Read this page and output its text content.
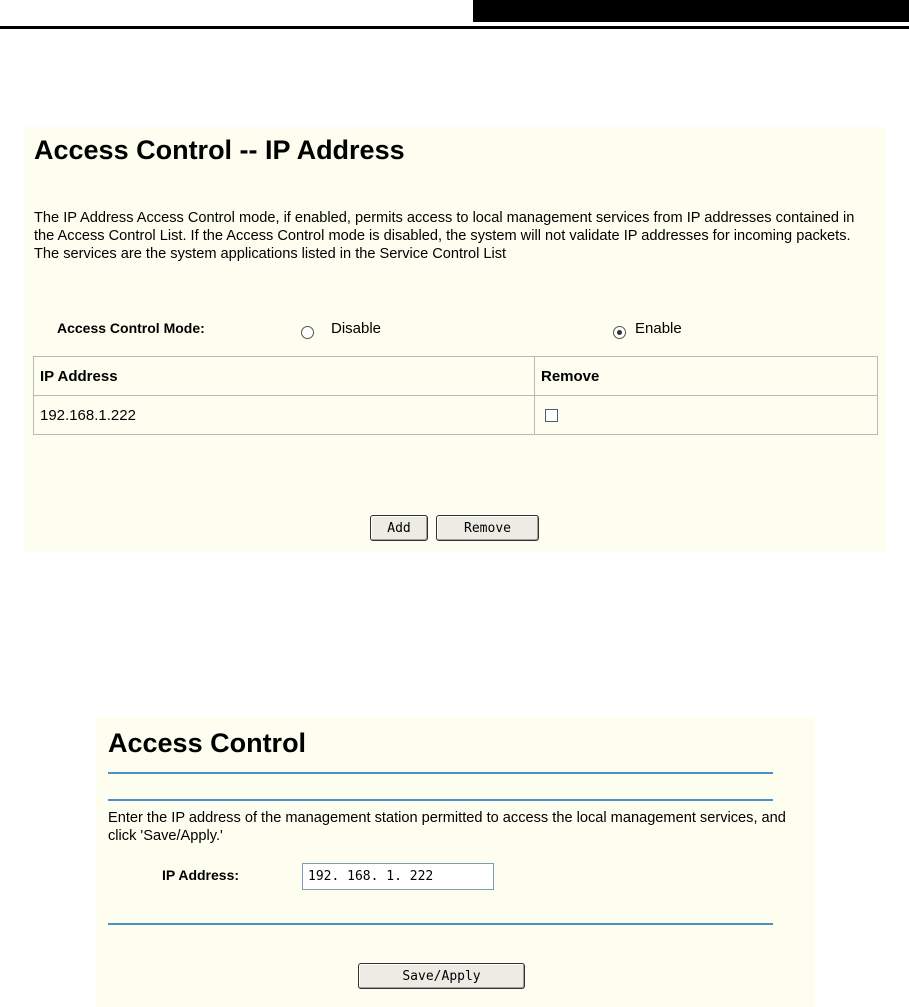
Access Control -- IP Address

The IP Address Access Control mode, if enabled, permits access to local management services from IP addresses contained in the Access Control List. If the Access Control mode is disabled, the system will not validate IP addresses for incoming packets. The services are the system applications listed in the Service Control List

Access Control Mode:	Disable	Enable
IP Address	Remove
192.168.1.222	
Add	Remove
Access Control

Enter the IP address of the management station permitted to access the local management services, and click 'Save/Apply.'

IP Address:
192. 168. 1. 222
Save/Apply
